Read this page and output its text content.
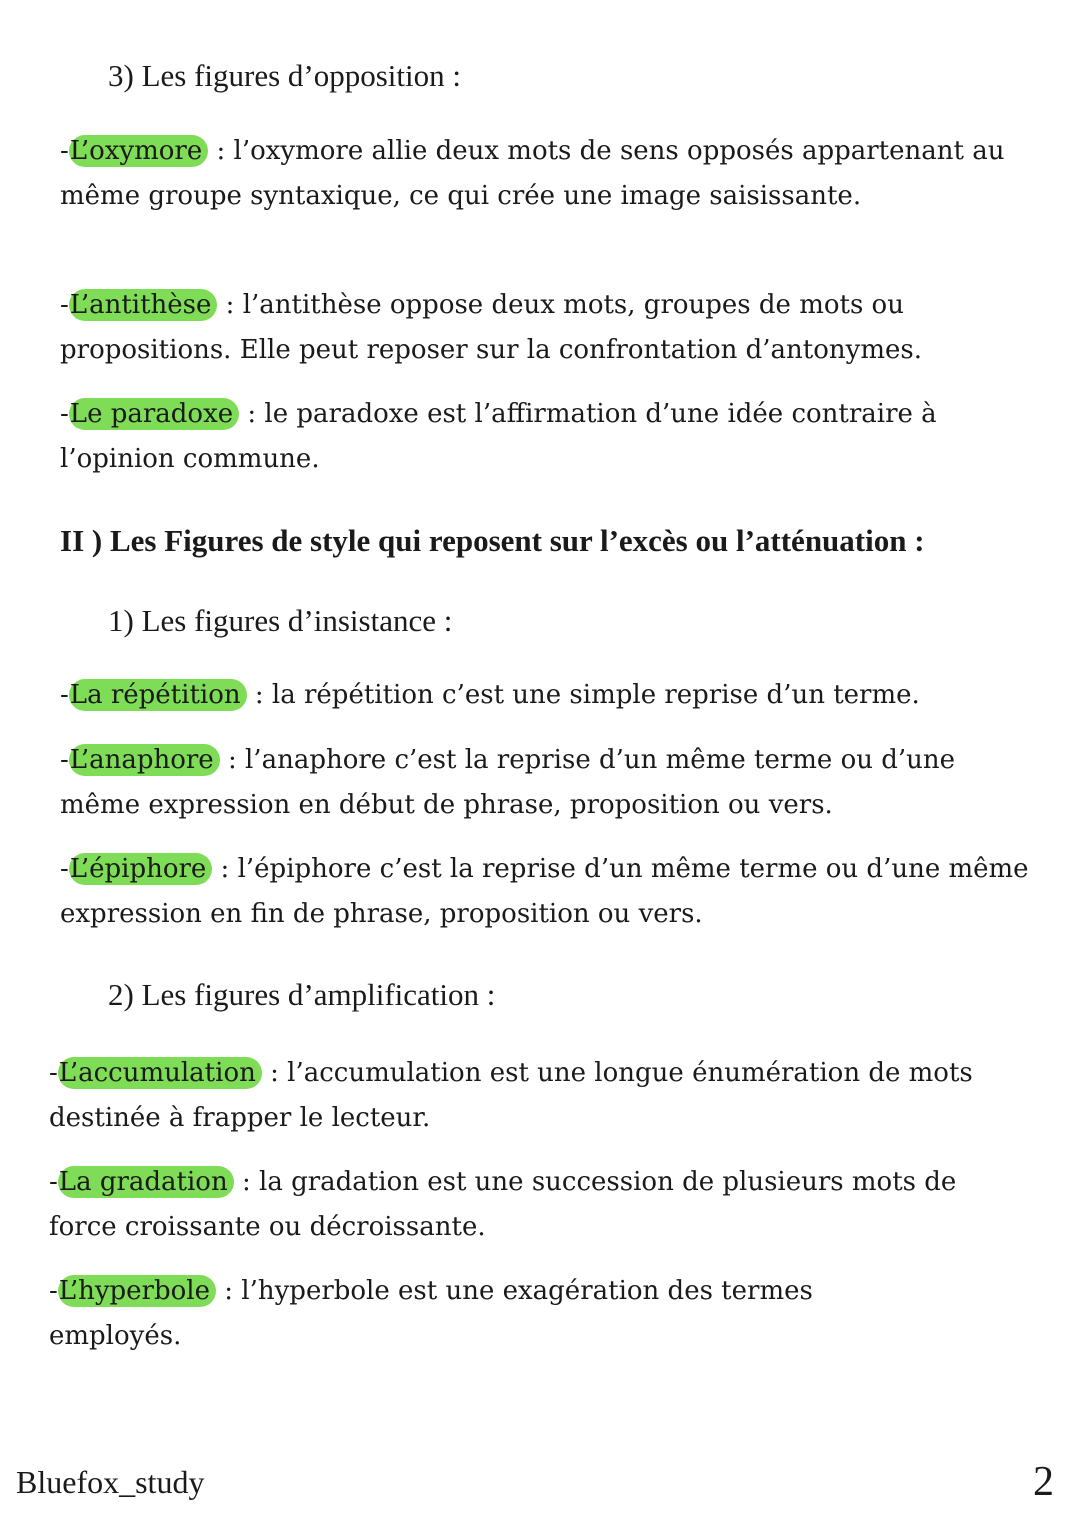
3) Les figures d’opposition :
-L’oxymore : l’oxymore allie deux mots de sens opposés appartenant au même groupe syntaxique, ce qui crée une image saisissante.
-L’antithèse : l’antithèse oppose deux mots, groupes de mots ou propositions. Elle peut reposer sur la confrontation d’antonymes.
-Le paradoxe : le paradoxe est l’affirmation d’une idée contraire à l’opinion commune.
II ) Les Figures de style qui reposent sur l’excès ou l’atténuation :
1) Les figures d’insistance :
-La répétition : la répétition c’est une simple reprise d’un terme.
-L’anaphore : l’anaphore c’est la reprise d’un même terme ou d’une même expression en début de phrase, proposition ou vers.
-L’épiphore : l’épiphore c’est la reprise d’un même terme ou d’une même expression en fin de phrase, proposition ou vers.
2) Les figures d’amplification :
-L’accumulation : l’accumulation est une longue énumération de mots destinée à frapper le lecteur.
-La gradation : la gradation est une succession de plusieurs mots de force croissante ou décroissante.
-L’hyperbole : l’hyperbole est une exagération des termes employés.
Bluefox_study	2
